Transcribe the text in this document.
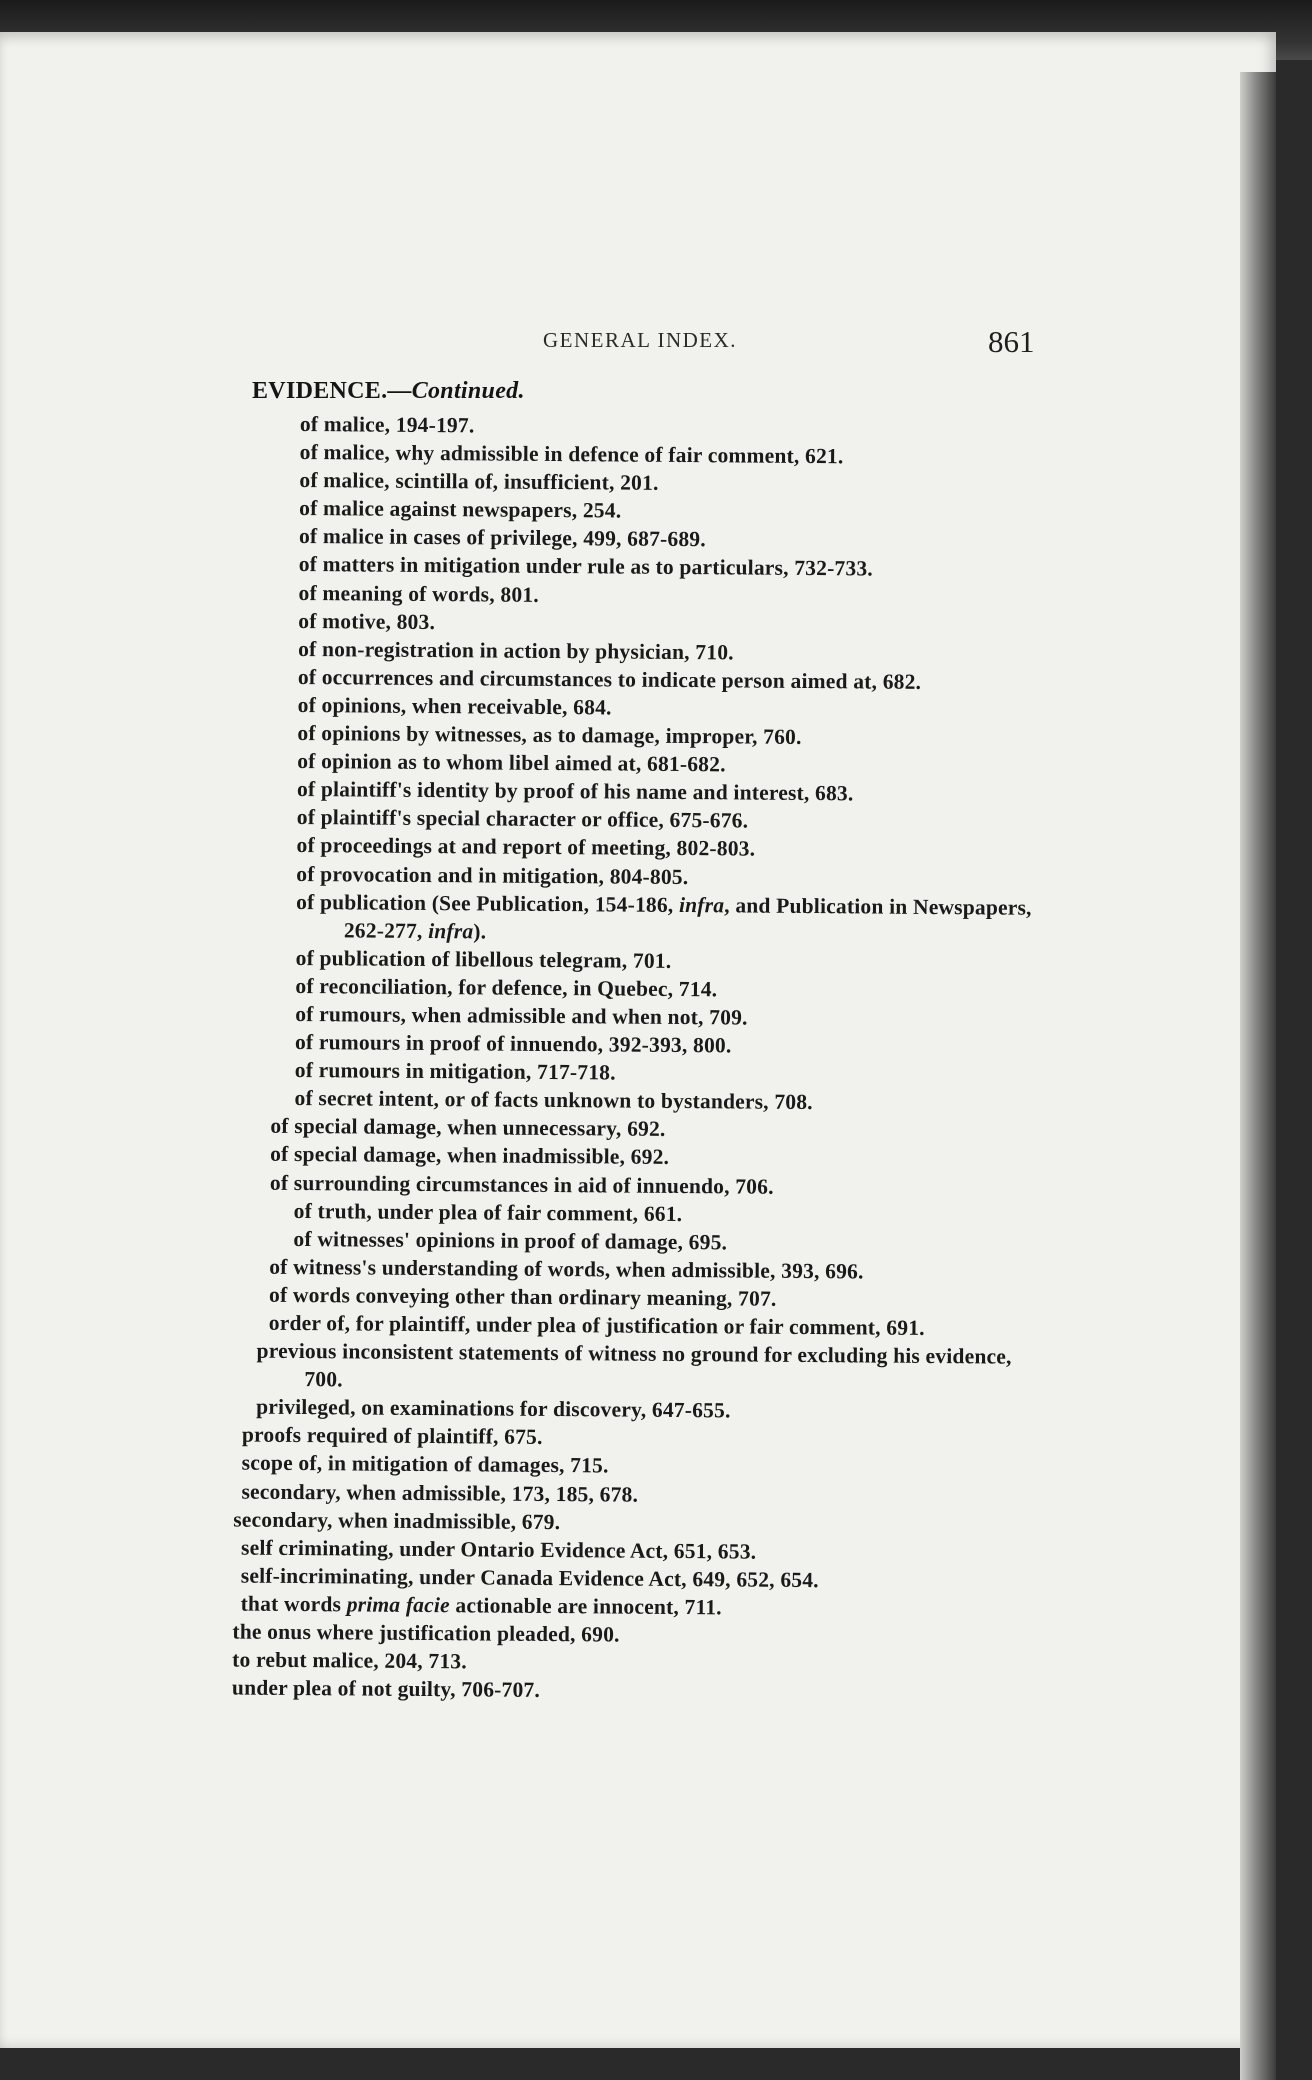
GENERAL INDEX.	861
EVIDENCE.—Continued.
of malice, 194-197.
of malice, why admissible in defence of fair comment, 621.
of malice, scintilla of, insufficient, 201.
of malice against newspapers, 254.
of malice in cases of privilege, 499, 687-689.
of matters in mitigation under rule as to particulars, 732-733.
of meaning of words, 801.
of motive, 803.
of non-registration in action by physician, 710.
of occurrences and circumstances to indicate person aimed at, 682.
of opinions, when receivable, 684.
of opinions by witnesses, as to damage, improper, 760.
of opinion as to whom libel aimed at, 681-682.
of plaintiff's identity by proof of his name and interest, 683.
of plaintiff's special character or office, 675-676.
of proceedings at and report of meeting, 802-803.
of provocation and in mitigation, 804-805.
of publication (See Publication, 154-186, infra, and Publication in Newspapers, 262-277, infra).
of publication of libellous telegram, 701.
of reconciliation, for defence, in Quebec, 714.
of rumours, when admissible and when not, 709.
of rumours in proof of innuendo, 392-393, 800.
of rumours in mitigation, 717-718.
of secret intent, or of facts unknown to bystanders, 708.
of special damage, when unnecessary, 692.
of special damage, when inadmissible, 692.
of surrounding circumstances in aid of innuendo, 706.
of truth, under plea of fair comment, 661.
of witnesses' opinions in proof of damage, 695.
of witness's understanding of words, when admissible, 393, 696.
of words conveying other than ordinary meaning, 707.
order of, for plaintiff, under plea of justification or fair comment, 691.
previous inconsistent statements of witness no ground for excluding his evidence, 700.
privileged, on examinations for discovery, 647-655.
proofs required of plaintiff, 675.
scope of, in mitigation of damages, 715.
secondary, when admissible, 173, 185, 678.
secondary, when inadmissible, 679.
self criminating, under Ontario Evidence Act, 651, 653.
self-incriminating, under Canada Evidence Act, 649, 652, 654.
that words prima facie actionable are innocent, 711.
the onus where justification pleaded, 690.
to rebut malice, 204, 713.
under plea of not guilty, 706-707.
